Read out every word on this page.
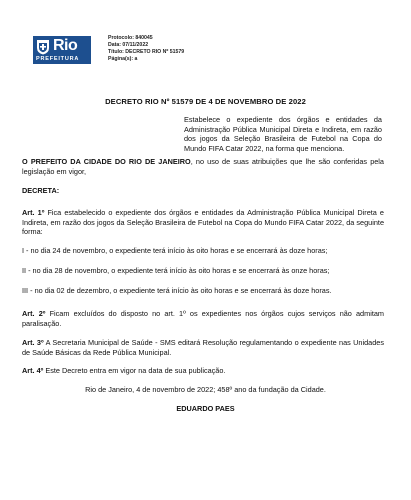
Rio
PREFEITURA
Protocolo: 840045
Data: 07/11/2022
Título: DECRETO RIO Nº 51579
Página(s): a
DECRETO RIO Nº 51579 DE 4 DE NOVEMBRO DE 2022
Estabelece o expediente dos órgãos e entidades da Administração Pública Municipal Direta e Indireta, em razão dos jogos da Seleção Brasileira de Futebol na Copa do Mundo FIFA Catar 2022, na forma que menciona.
O PREFEITO DA CIDADE DO RIO DE JANEIRO, no uso de suas atribuições que lhe são conferidas pela legislação em vigor,
DECRETA:
Art. 1º Fica estabelecido o expediente dos órgãos e entidades da Administração Pública Municipal Direta e Indireta, em razão dos jogos da Seleção Brasileira de Futebol na Copa do Mundo FIFA Catar 2022, da seguinte forma:
I - no dia 24 de novembro, o expediente terá início às oito horas e se encerrará às doze horas;
II - no dia 28 de novembro, o expediente terá início às oito horas e se encerrará às onze horas;
III - no dia 02 de dezembro, o expediente terá início às oito horas e se encerrará às doze horas.
Art. 2º Ficam excluídos do disposto no art. 1º os expedientes nos órgãos cujos serviços não admitam paralisação.
Art. 3º A Secretaria Municipal de Saúde - SMS editará Resolução regulamentando o expediente nas Unidades de Saúde Básicas da Rede Pública Municipal.
Art. 4º Este Decreto entra em vigor na data de sua publicação.
Rio de Janeiro, 4 de novembro de 2022; 458º ano da fundação da Cidade.
EDUARDO PAES
